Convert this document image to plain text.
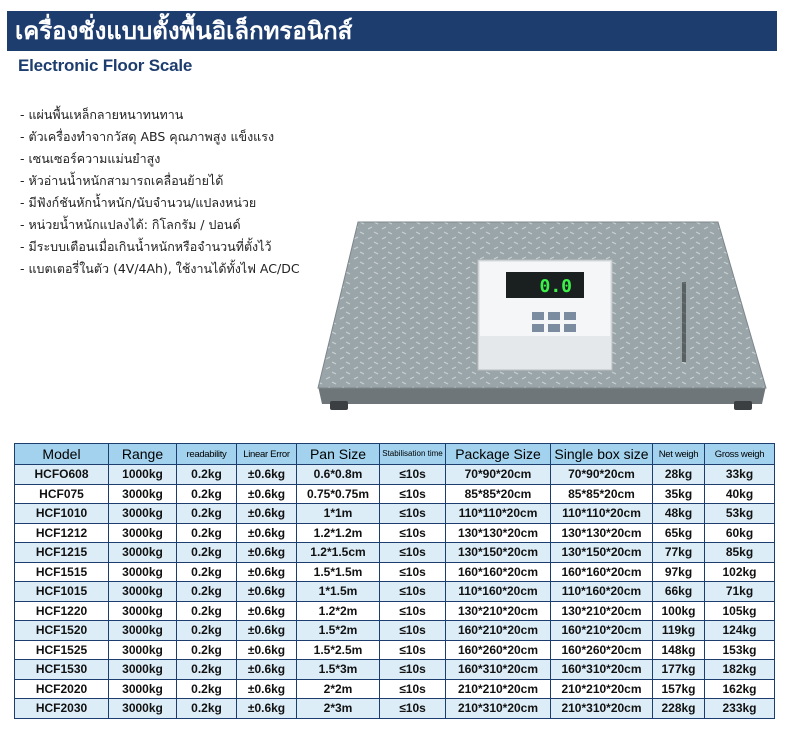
เครื่องชั่งแบบตั้งพื้นอิเล็กทรอนิกส์
Electronic Floor Scale
- แผ่นพื้นเหล็กลายหนาทนทาน
- ตัวเครื่องทำจากวัสดุ ABS คุณภาพสูง แข็งแรง
- เซนเซอร์ความแม่นยำสูง
- หัวอ่านน้ำหนักสามารถเคลื่อนย้ายได้
- มีฟังก์ชันหักน้ำหนัก/นับจำนวน/แปลงหน่วย
- หน่วยน้ำหนักแปลงได้: กิโลกรัม / ปอนด์
- มีระบบเตือนเมื่อเกินน้ำหนักหรือจำนวนที่ตั้งไว้
- แบตเตอรี่ในตัว (4V/4Ah), ใช้งานได้ทั้งไฟ AC/DC
0.0
Model	Range	readability	Linear Error	Pan Size	Stabilisation time	Package Size	Single box size	Net weigh	Gross weigh
HCFO608	1000kg	0.2kg	±0.6kg	0.6*0.8m	≤10s	70*90*20cm	70*90*20cm	28kg	33kg
HCF075	3000kg	0.2kg	±0.6kg	0.75*0.75m	≤10s	85*85*20cm	85*85*20cm	35kg	40kg
HCF1010	3000kg	0.2kg	±0.6kg	1*1m	≤10s	110*110*20cm	110*110*20cm	48kg	53kg
HCF1212	3000kg	0.2kg	±0.6kg	1.2*1.2m	≤10s	130*130*20cm	130*130*20cm	65kg	60kg
HCF1215	3000kg	0.2kg	±0.6kg	1.2*1.5cm	≤10s	130*150*20cm	130*150*20cm	77kg	85kg
HCF1515	3000kg	0.2kg	±0.6kg	1.5*1.5m	≤10s	160*160*20cm	160*160*20cm	97kg	102kg
HCF1015	3000kg	0.2kg	±0.6kg	1*1.5m	≤10s	110*160*20cm	110*160*20cm	66kg	71kg
HCF1220	3000kg	0.2kg	±0.6kg	1.2*2m	≤10s	130*210*20cm	130*210*20cm	100kg	105kg
HCF1520	3000kg	0.2kg	±0.6kg	1.5*2m	≤10s	160*210*20cm	160*210*20cm	119kg	124kg
HCF1525	3000kg	0.2kg	±0.6kg	1.5*2.5m	≤10s	160*260*20cm	160*260*20cm	148kg	153kg
HCF1530	3000kg	0.2kg	±0.6kg	1.5*3m	≤10s	160*310*20cm	160*310*20cm	177kg	182kg
HCF2020	3000kg	0.2kg	±0.6kg	2*2m	≤10s	210*210*20cm	210*210*20cm	157kg	162kg
HCF2030	3000kg	0.2kg	±0.6kg	2*3m	≤10s	210*310*20cm	210*310*20cm	228kg	233kg
